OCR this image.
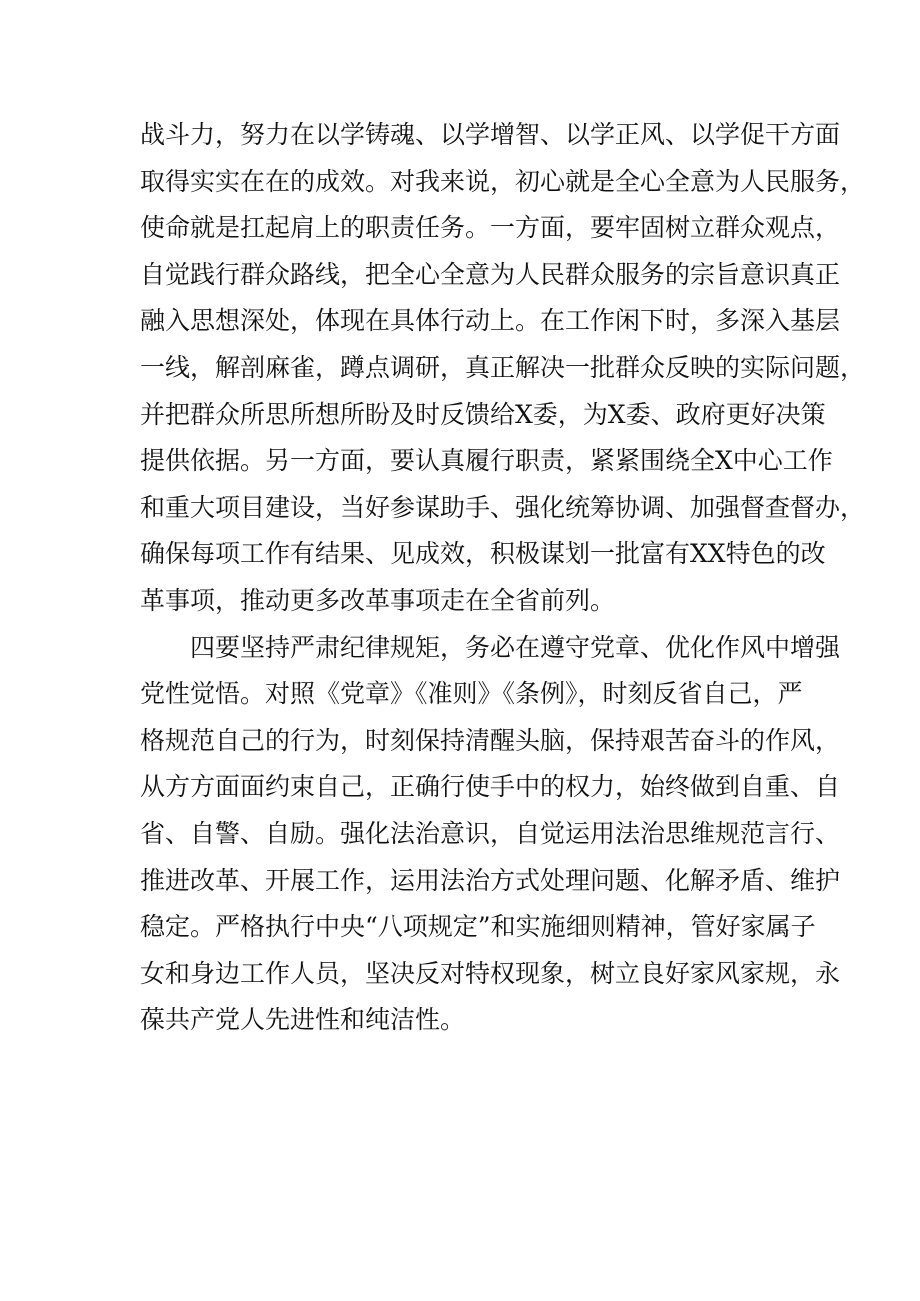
战斗力，努力在以学铸魂、以学增智、以学正风、以学促干方面
取得实实在在的成效。对我来说，初心就是全心全意为人民服务，
使命就是扛起肩上的职责任务。一方面，要牢固树立群众观点，
自觉践行群众路线，把全心全意为人民群众服务的宗旨意识真正
融入思想深处，体现在具体行动上。在工作闲下时，多深入基层
一线，解剖麻雀，蹲点调研，真正解决一批群众反映的实际问题，
并把群众所思所想所盼及时反馈给X委，为X委、政府更好决策
提供依据。另一方面，要认真履行职责，紧紧围绕全X中心工作
和重大项目建设，当好参谋助手、强化统筹协调、加强督查督办，
确保每项工作有结果、见成效，积极谋划一批富有XX特色的改
革事项，推动更多改革事项走在全省前列。
四要坚持严肃纪律规矩，务必在遵守党章、优化作风中增强
党性觉悟。对照《党章》《准则》《条例》，时刻反省自己，严
格规范自己的行为，时刻保持清醒头脑，保持艰苦奋斗的作风，
从方方面面约束自己，正确行使手中的权力，始终做到自重、自
省、自警、自励。强化法治意识，自觉运用法治思维规范言行、
推进改革、开展工作，运用法治方式处理问题、化解矛盾、维护
稳定。严格执行中央“八项规定”和实施细则精神，管好家属子
女和身边工作人员，坚决反对特权现象，树立良好家风家规，永
葆共产党人先进性和纯洁性。
